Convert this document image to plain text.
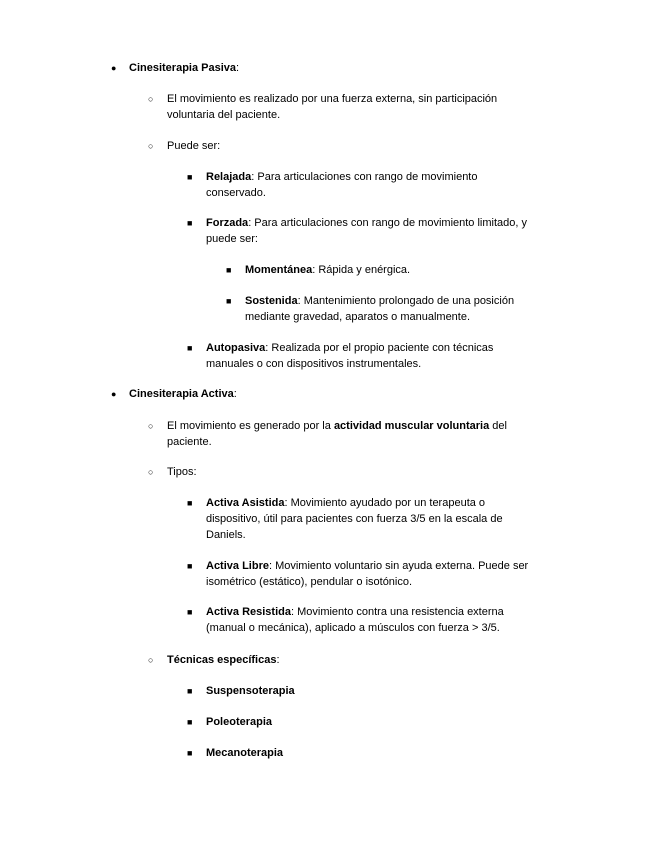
● Cinesiterapia Pasiva:
○ El movimiento es realizado por una fuerza externa, sin participación voluntaria del paciente.
○ Puede ser:
■ Relajada: Para articulaciones con rango de movimiento conservado.
■ Forzada: Para articulaciones con rango de movimiento limitado, y puede ser:
■ Momentánea: Rápida y enérgica.
■ Sostenida: Mantenimiento prolongado de una posición mediante gravedad, aparatos o manualmente.
■ Autopasiva: Realizada por el propio paciente con técnicas manuales o con dispositivos instrumentales.
● Cinesiterapia Activa:
○ El movimiento es generado por la actividad muscular voluntaria del paciente.
○ Tipos:
■ Activa Asistida: Movimiento ayudado por un terapeuta o dispositivo, útil para pacientes con fuerza 3/5 en la escala de Daniels.
■ Activa Libre: Movimiento voluntario sin ayuda externa. Puede ser isométrico (estático), pendular o isotónico.
■ Activa Resistida: Movimiento contra una resistencia externa (manual o mecánica), aplicado a músculos con fuerza > 3/5.
○ Técnicas específicas:
■ Suspensoterapia
■ Poleoterapia
■ Mecanoterapia
